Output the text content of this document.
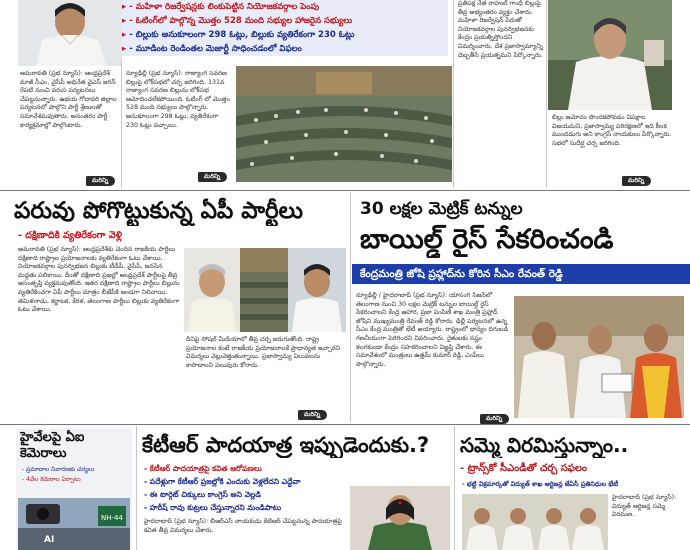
▸ - మహిళా రిజర్వేషన్లకు లింకుపెట్టిన నియోజకవర్గాల పెంపు
▸ - ఓటింగ్‌లో పాల్గొన్న మొత్తం 528 మంది సభ్యుల హాజరైన సభ్యులు
▸ - బిల్లుకు అనుకూలంగా 298 ఓట్లు, బిల్లుకు వ్యతిరేకంగా 230 ఓట్లు
▸ - మూడింట రెండింతల మెజార్టీ సాధించడంలో విఫలం
అమరావతి (ప్రభ న్యూస్): ఆంధ్రప్రదేశ్ మాజీ సీఎం, వైసీపీ అధినేత వైఎస్ జగన్ రేపటి నుంచి వరుస పర్యటనలు చేపట్టనున్నారు. ఉభయ గోదావరి జిల్లాల పర్యటనలో పాల్గొని పార్టీ శ్రేణులతో సమావేశమవుతారు. అనంతరం పార్టీ కార్యక్రమాల్లో పాల్గొంటారు.
మరిన్ని
న్యూఢిల్లీ (ప్రభ న్యూస్): రాజ్యాంగ సవరణ బిల్లుపై లోక్‌సభలో చర్చ జరిగింది. 131వ రాజ్యాంగ సవరణ బిల్లును లోక్‌సభ ఆమోదించలేకపోయింది. ఓటింగ్ లో మొత్తం 528 మంది సభ్యులు పాల్గొన్నారు. అనుకూలంగా 298 ఓట్లు, వ్యతిరేకంగా 230 ఓట్లు వచ్చాయి.
మరిన్ని
ప్రతిపక్ష నేత రాహుల్ గాంధీ బిల్లుపై తీవ్ర అభ్యంతరం వ్యక్తం చేశారు. మహిళా రిజర్వేషన్ పేరుతో నియోజకవర్గాల పునర్విభజనకు కేంద్రం ప్రయత్నిస్తోందని విమర్శించారు. దేశ ప్రజాస్వామ్యాన్ని దెబ్బతీసే ప్రయత్నమని పేర్కొన్నారు.
బిల్లు ఆమోదం పొందకపోవడం విపక్షాల విజయమని, ప్రజాస్వామ్య పరిరక్షణలో ఇది కీలక ముందడుగు అని కాంగ్రెస్ నాయకులు పేర్కొన్నారు. సభలో సుదీర్ఘ చర్చ జరిగింది.
మరిన్ని
పరువు పోగొట్టుకున్న ఏపీ పార్టీలు
- దక్షిణాదికి వ్యతిరేకంగా వెళ్లి
అమరావతి (ప్రభ న్యూస్): ఆంధ్రప్రదేశ్‌కు చెందిన రాజకీయ పార్టీలు దక్షిణాది రాష్ట్రాల ప్రయోజనాలకు వ్యతిరేకంగా ఓటు వేశాయి. నియోజకవర్గాల పునర్విభజన బిల్లుకు టీడీపీ, వైసీపీ, జనసేన మద్దతు పలికాయి. దీంతో దక్షిణాది ప్రజల్లో ఆంధ్రప్రదేశ్ పార్టీలపై తీవ్ర అసంతృప్తి వ్యక్తమవుతోంది. ఇతర దక్షిణాది రాష్ట్రాల పార్టీలు బిల్లును వ్యతిరేకించగా ఏపీ పార్టీలు మాత్రం బీజేపీకి అండగా నిలిచాయి. తమిళనాడు, కర్ణాటక, కేరళ, తెలంగాణ పార్టీలు బిల్లుకు వ్యతిరేకంగా ఓటు వేశాయి.
దీనిపై సోషల్ మీడియాలో తీవ్ర చర్చ జరుగుతోంది. రాష్ట్ర ప్రయోజనాల కంటే రాజకీయ ప్రయోజనాలకే ప్రాధాన్యత ఇచ్చారని విమర్శలు వెల్లువెత్తుతున్నాయి. ప్రజాస్వామ్య విలువలను కాపాడాలని పలువురు కోరారు.
మరిన్ని
30 లక్షల మెట్రిక్ టన్నుల
బాయిల్డ్ రైస్ సేకరించండి
కేంద్రమంత్రి జోషి ప్రహ్లాద్‌ను కోరిన సీఎం రేవంత్ రెడ్డి
న్యూఢిల్లీ / హైదరాబాద్ (ప్రభ న్యూస్): యాసంగి సీజన్‌లో తెలంగాణ నుంచి 30 లక్షల మెట్రిక్ టన్నుల బాయిల్డ్ రైస్ సేకరించాలని కేంద్ర ఆహార, ప్రజా పంపిణీ శాఖ మంత్రి ప్రహ్లాద్ జోషిని ముఖ్యమంత్రి రేవంత్ రెడ్డి కోరారు. ఢిల్లీ పర్యటనలో ఉన్న సీఎం కేంద్ర మంత్రితో భేటీ అయ్యారు. రాష్ట్రంలో ధాన్యం దిగుబడి గణనీయంగా పెరిగిందని వివరించారు. రైతులకు నష్టం కలగకుండా కేంద్రం సహకరించాలని విజ్ఞప్తి చేశారు. ఈ సమావేశంలో మంత్రులు ఉత్తమ్ కుమార్ రెడ్డి, ఎంపీలు పాల్గొన్నారు.
మరిన్ని
హైవేలపై ఏఐ కెమెరాలు
- ప్రమాదాల నివారణకు చర్యలు
- 4వేల కెమెరాల ఏర్పాటు
NH-44
AI
కేటీఆర్ పాదయాత్ర ఇప్పుడెందుకు.?
- కేటీఆర్ పాదయాత్రపై కవిత ఆరోపణలు
- పదేళ్లుగా కేటీఆర్ ప్రజల్లోకి ఎందుకు వెళ్లలేదని ఎద్దేవా
- ఈ టార్గెట్ చిక్కులు కాంగ్రెస్ అని వెల్లడి
- హరీష్ రావు కుట్రలు చేస్తున్నారని మండిపాటు
హైదరాబాద్ (ప్రభ న్యూస్): బీఆర్ఎస్ నాయకుడు కేటీఆర్ చేపట్టనున్న పాదయాత్రపై కవిత తీవ్ర విమర్శలు చేశారు.
సమ్మె విరమిస్తున్నాం..
- ట్రాన్స్‌కో సీఎండీతో చర్చ సఫలం
- భట్టి విక్రమార్కతో విద్యుత్ శాఖ ఆర్టిజన్ల జేఏసీ ప్రతినిధుల భేటీ
హైదరాబాద్ (ప్రభ న్యూస్): విద్యుత్ ఆర్టిజన్ల సమ్మె విరమణ.
